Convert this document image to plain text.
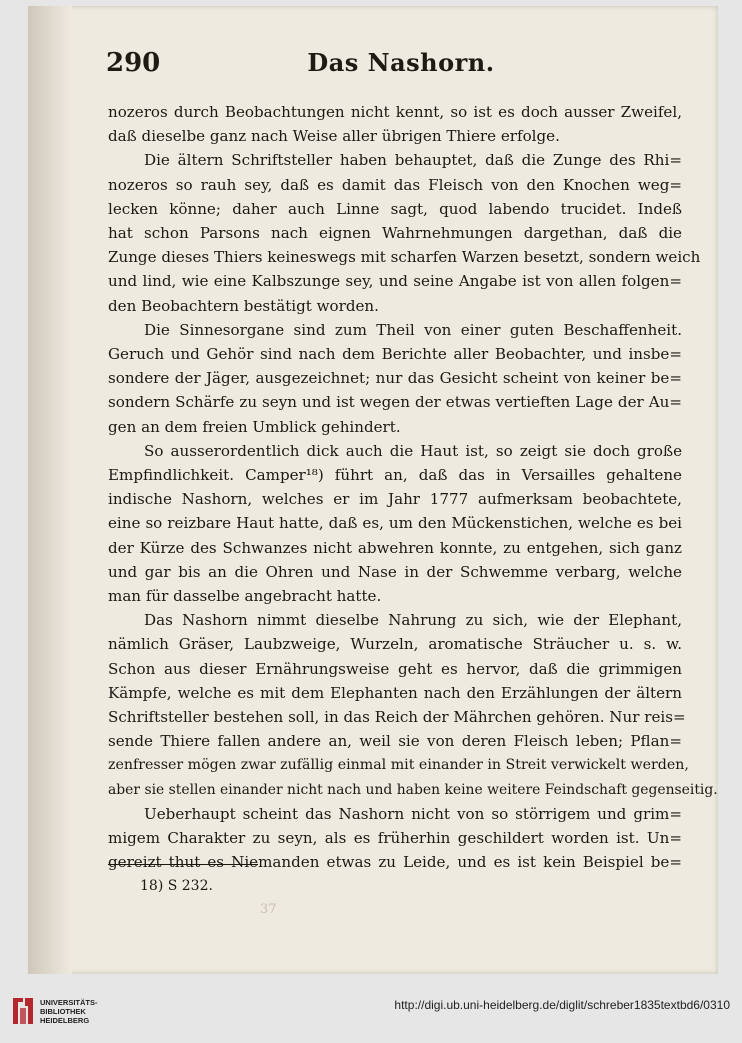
290	Das Nashorn.
nozeros durch Beobachtungen nicht kennt, so ist es doch ausser Zweifel,
daß dieselbe ganz nach Weise aller übrigen Thiere erfolge.
Die ältern Schriftsteller haben behauptet, daß die Zunge des Rhi=
nozeros so rauh sey, daß es damit das Fleisch von den Knochen weg=
lecken könne; daher auch Linne sagt, quod labendo trucidet. Indeß
hat schon Parsons nach eignen Wahrnehmungen dargethan, daß die
Zunge dieses Thiers keineswegs mit scharfen Warzen besetzt, sondern weich
und lind, wie eine Kalbszunge sey, und seine Angabe ist von allen folgen=
den Beobachtern bestätigt worden.
Die Sinnesorgane sind zum Theil von einer guten Beschaffenheit.
Geruch und Gehör sind nach dem Berichte aller Beobachter, und insbe=
sondere der Jäger, ausgezeichnet; nur das Gesicht scheint von keiner be=
sondern Schärfe zu seyn und ist wegen der etwas vertieften Lage der Au=
gen an dem freien Umblick gehindert.
So ausserordentlich dick auch die Haut ist, so zeigt sie doch große
Empfindlichkeit. Camper¹⁸) führt an, daß das in Versailles gehaltene
indische Nashorn, welches er im Jahr 1777 aufmerksam beobachtete,
eine so reizbare Haut hatte, daß es, um den Mückenstichen, welche es bei
der Kürze des Schwanzes nicht abwehren konnte, zu entgehen, sich ganz
und gar bis an die Ohren und Nase in der Schwemme verbarg, welche
man für dasselbe angebracht hatte.
Das Nashorn nimmt dieselbe Nahrung zu sich, wie der Elephant,
nämlich Gräser, Laubzweige, Wurzeln, aromatische Sträucher u. s. w.
Schon aus dieser Ernährungsweise geht es hervor, daß die grimmigen
Kämpfe, welche es mit dem Elephanten nach den Erzählungen der ältern
Schriftsteller bestehen soll, in das Reich der Mährchen gehören. Nur reis=
sende Thiere fallen andere an, weil sie von deren Fleisch leben; Pflan=
zenfresser mögen zwar zufällig einmal mit einander in Streit verwickelt werden,
aber sie stellen einander nicht nach und haben keine weitere Feindschaft gegenseitig.
Ueberhaupt scheint das Nashorn nicht von so störrigem und grim=
migem Charakter zu seyn, als es früherhin geschildert worden ist. Un=
gereizt thut es Niemanden etwas zu Leide, und es ist kein Beispiel be=
18) S 232.
37
UNIVERSITÄTS-
BIBLIOTHEK
HEIDELBERG
http://digi.ub.uni-heidelberg.de/diglit/schreber1835textbd6/0310
